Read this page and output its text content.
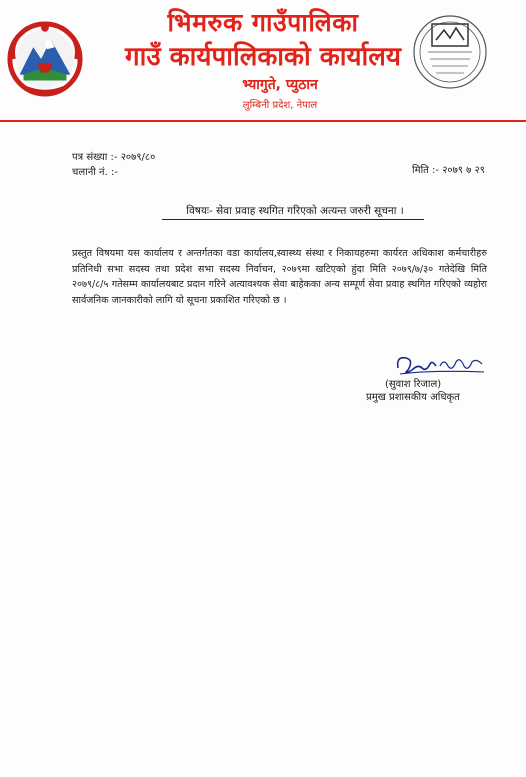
भिमरुक गाउँपालिका
गाउँ कार्यपालिकाको कार्यालय
भ्यागुते, प्युठान
लुम्बिनी प्रदेश, नेपाल
पत्र संख्या :- २०७९/८०
चलानी नं. :-	मिति :- २०७९ ७ २९
विषयः- सेवा प्रवाह स्थगित गरिएको अत्यन्त जरुरी सूचना ।
प्रस्तुत विषयमा यस कार्यालय र अन्तर्गतका वडा कार्यालय,स्वास्थ्य संस्था र निकायहरुमा कार्यरत अधिकाश कर्मचारीहरु प्रतिनिधी सभा सदस्य तथा प्रदेश सभा सदस्य निर्वाचन, २०७९मा खटिएको हुंदा मिति २०७९/७/३० गतेदेखि मिति २०७९/८/५ गतेसम्म कार्यालयबाट प्रदान गरिने अत्यावश्यक सेवा बाहेकका अन्य सम्पूर्ण सेवा प्रवाह स्थगित गरिएको व्यहोरा सार्वजनिक जानकारीको लागि यो सूचना प्रकाशित गरिएको छ ।
(सुवाश रिजाल)
प्रमुख प्रशासकीय अधिकृत
